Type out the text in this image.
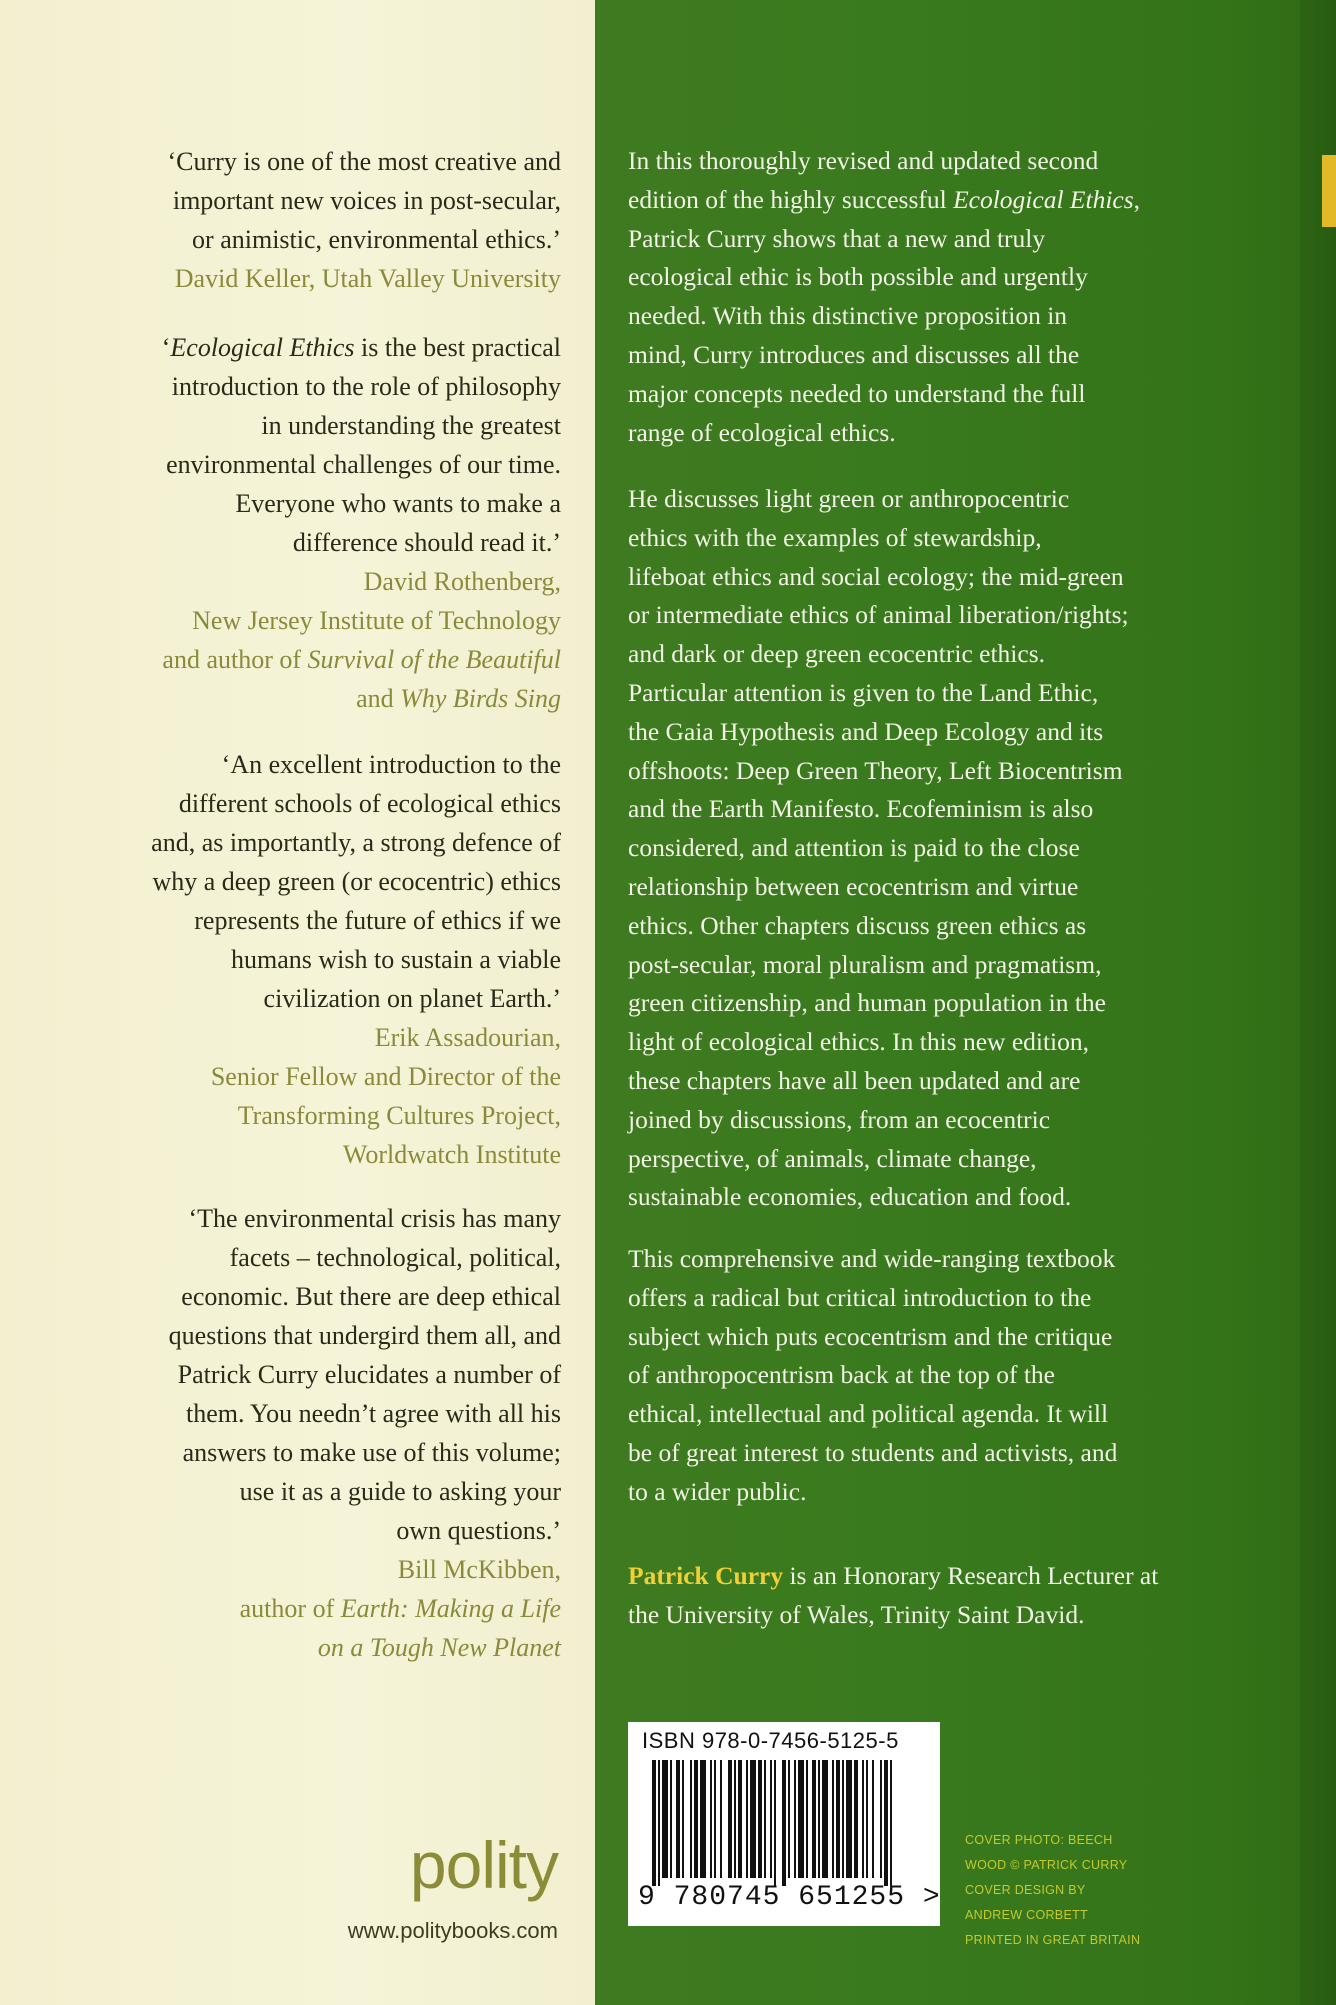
‘Curry is one of the most creative and

important new voices in post-secular,

or animistic, environmental ethics.’

David Keller, Utah Valley University

‘Ecological Ethics is the best practical

introduction to the role of philosophy

in understanding the greatest

environmental challenges of our time.

Everyone who wants to make a

difference should read it.’

David Rothenberg,
New Jersey Institute of Technology
and author of Survival of the Beautiful
and Why Birds Sing

‘An excellent introduction to the

different schools of ecological ethics

and, as importantly, a strong defence of

why a deep green (or ecocentric) ethics

represents the future of ethics if we

humans wish to sustain a viable

civilization on planet Earth.’

Erik Assadourian,
Senior Fellow and Director of the
Transforming Cultures Project,
Worldwatch Institute

‘The environmental crisis has many

facets – technological, political,

economic. But there are deep ethical

questions that undergird them all, and

Patrick Curry elucidates a number of

them. You needn’t agree with all his

answers to make use of this volume;

use it as a guide to asking your

own questions.’

Bill McKibben,
author of Earth: Making a Life
on a Tough New Planet
polity
www.politybooks.com
In this thoroughly revised and updated second
edition of the highly successful Ecological Ethics,
Patrick Curry shows that a new and truly
ecological ethic is both possible and urgently
needed. With this distinctive proposition in
mind, Curry introduces and discusses all the
major concepts needed to understand the full
range of ecological ethics.
He discusses light green or anthropocentric
ethics with the examples of stewardship,
lifeboat ethics and social ecology; the mid-green
or intermediate ethics of animal liberation/rights;
and dark or deep green ecocentric ethics.
Particular attention is given to the Land Ethic,
the Gaia Hypothesis and Deep Ecology and its
offshoots: Deep Green Theory, Left Biocentrism
and the Earth Manifesto. Ecofeminism is also
considered, and attention is paid to the close
relationship between ecocentrism and virtue
ethics. Other chapters discuss green ethics as
post-secular, moral pluralism and pragmatism,
green citizenship, and human population in the
light of ecological ethics. In this new edition,
these chapters have all been updated and are
joined by discussions, from an ecocentric
perspective, of animals, climate change,
sustainable economies, education and food.
This comprehensive and wide-ranging textbook
offers a radical but critical introduction to the
subject which puts ecocentrism and the critique
of anthropocentrism back at the top of the
ethical, intellectual and political agenda. It will
be of great interest to students and activists, and
to a wider public.
Patrick Curry is an Honorary Research Lecturer at
the University of Wales, Trinity Saint David.
ISBN 978-0-7456-5125-5
9 780745 651255 >
COVER PHOTO: BEECH
WOOD © PATRICK CURRY
COVER DESIGN BY
ANDREW CORBETT
PRINTED IN GREAT BRITAIN
